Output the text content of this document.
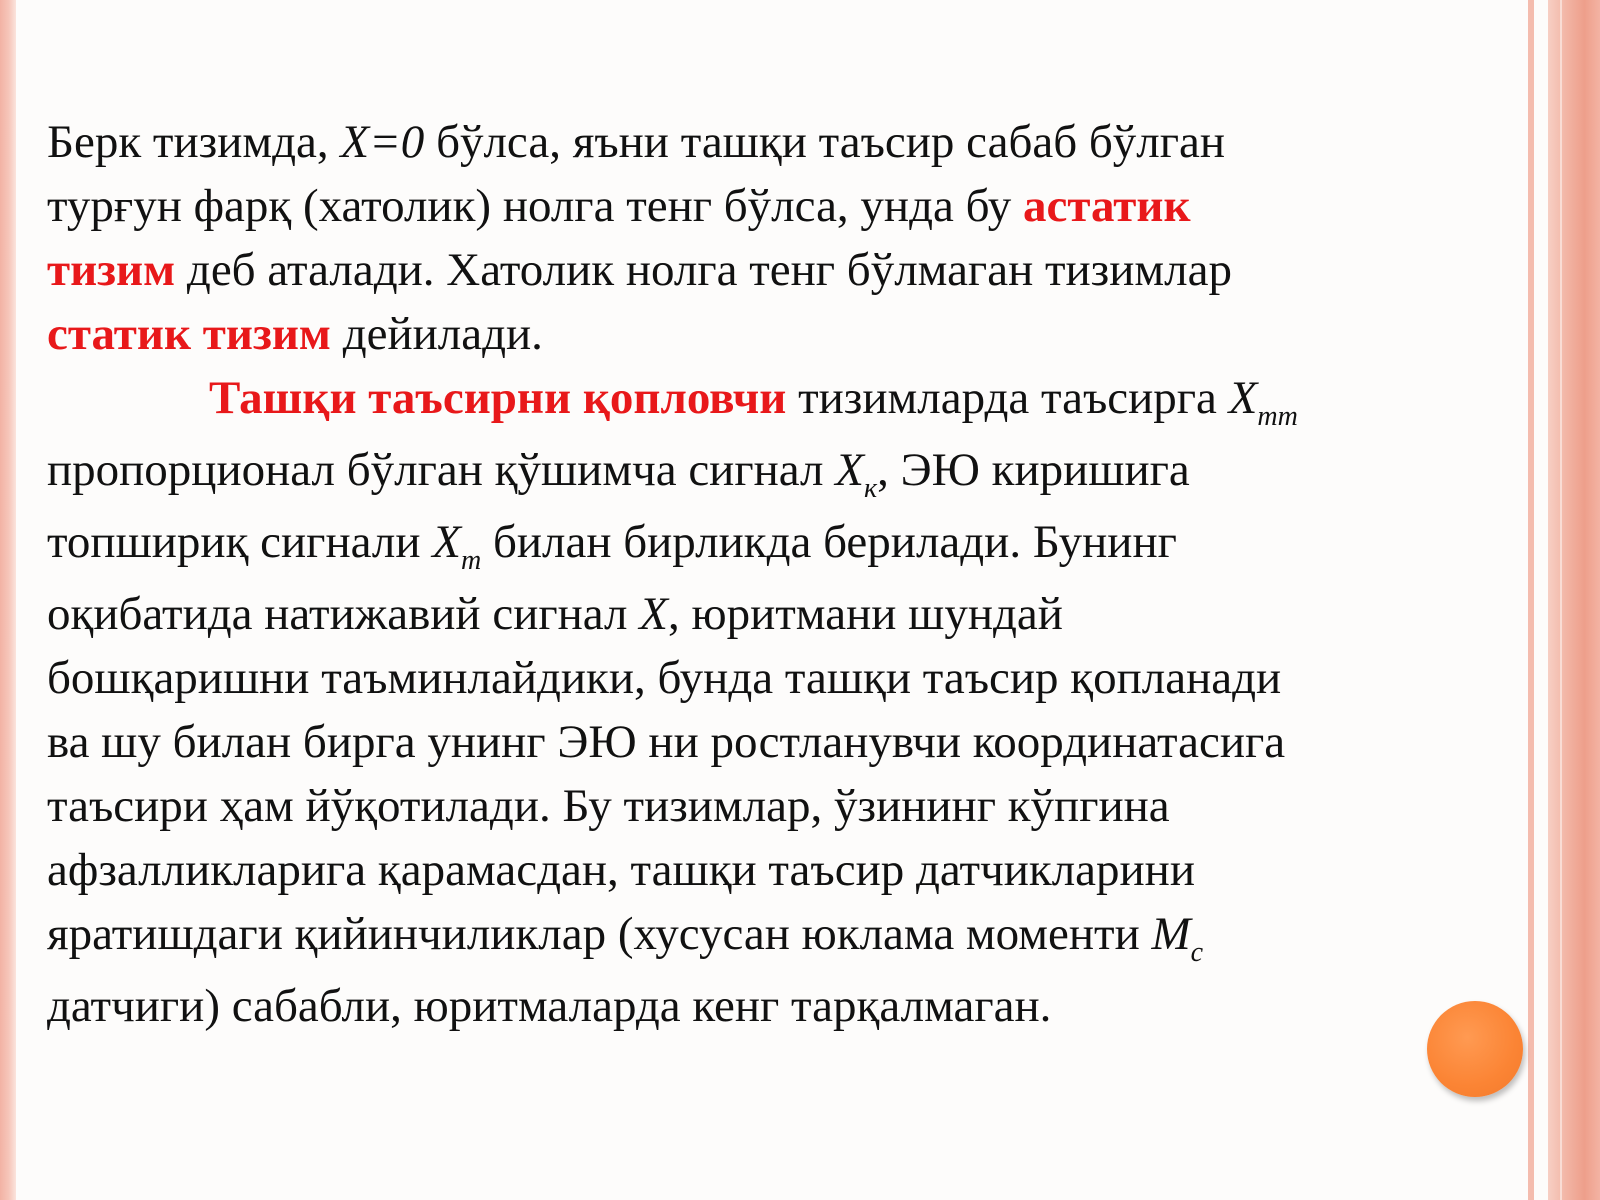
Берк тизимда, X=0 бўлса, яъни ташқи таъсир сабаб бўлган
турғун фарқ (хатолик) нолга тенг бўлса, унда бу астатик
тизим деб аталади. Хатолик нолга тенг бўлмаган тизимлар
статик тизим дейилади.
Ташқи таъсирни қопловчи тизимларда таъсирга $X_{тт}$
пропорционал бўлган қўшимча сигнал $X_к$, ЭЮ киришига
топшириқ сигнали $X_т$ билан бирликда берилади. Бунинг
оқибатида натижавий сигнал X, юритмани шундай
бошқаришни таъминлайдики, бунда ташқи таъсир қопланади
ва шу билан бирга унинг ЭЮ ни ростланувчи координатасига
таъсири ҳам йўқотилади. Бу тизимлар, ўзининг кўпгина
афзалликларига қарамасдан, ташқи таъсир датчикларини
яратишдаги қийинчиликлар (хусусан юклама моменти $M_c$
датчиги) сабабли, юритмаларда кенг тарқалмаган.
